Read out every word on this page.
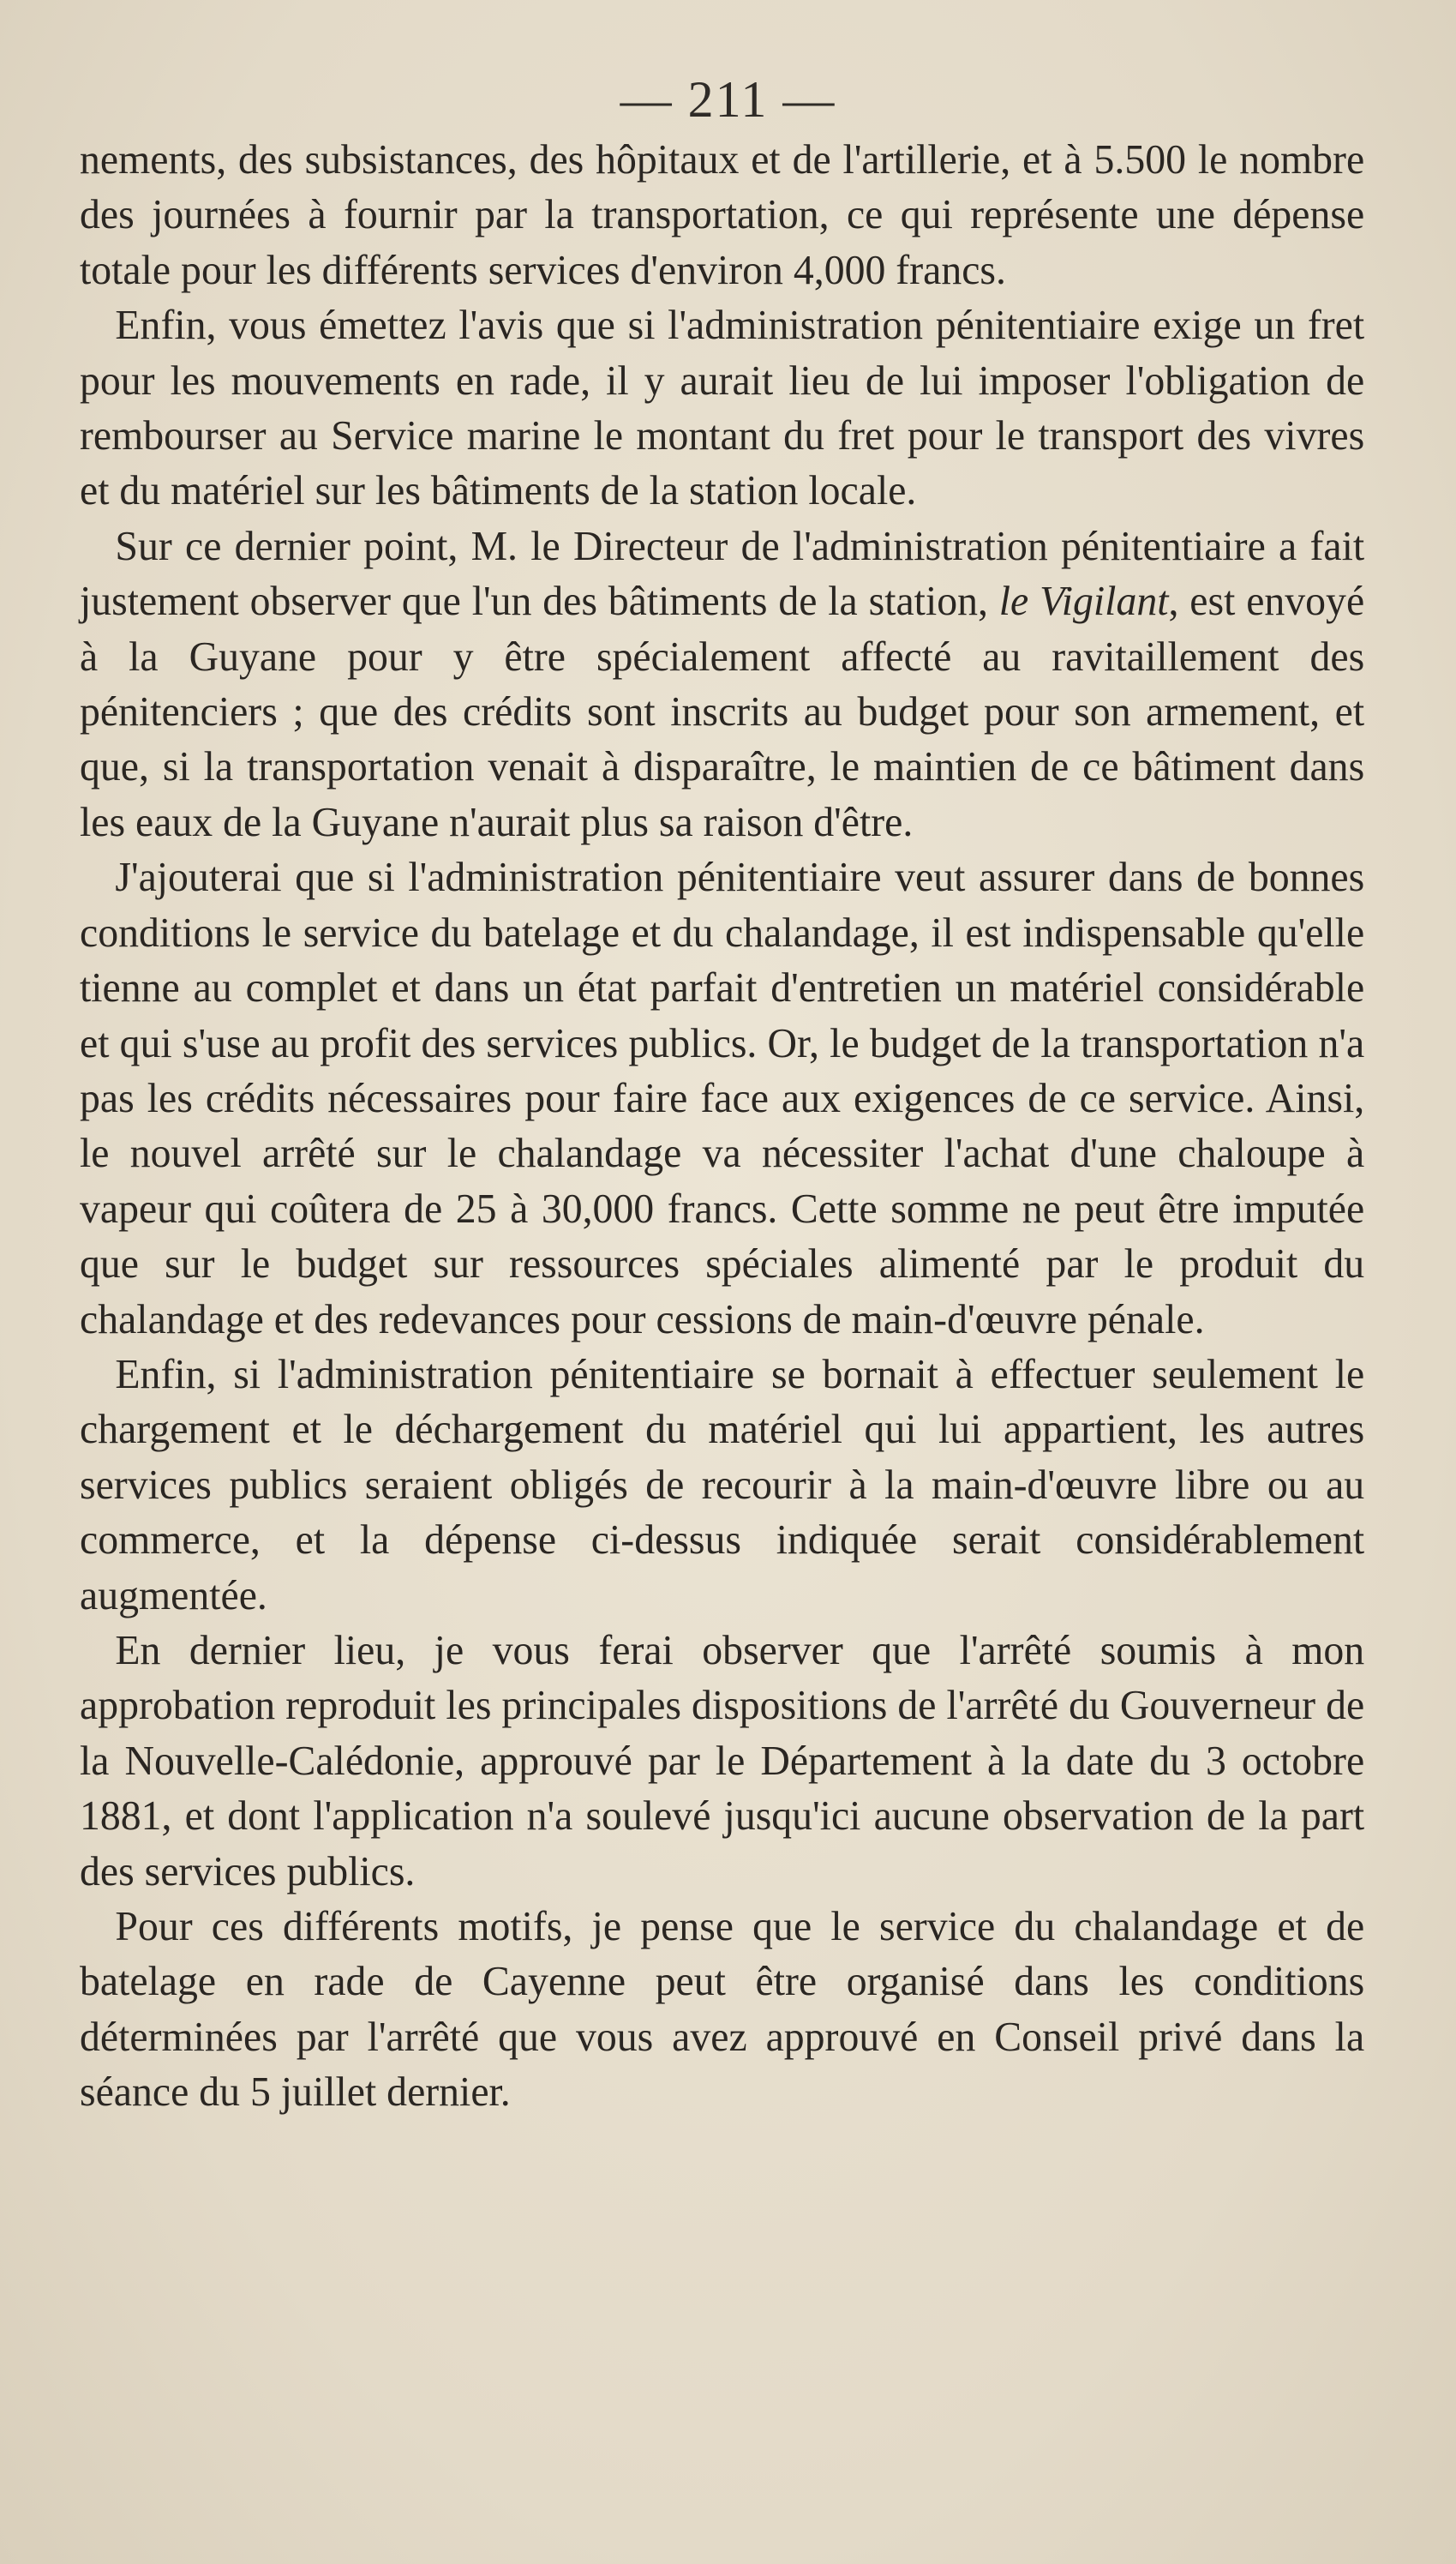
— 211 —

nements, des subsistances, des hôpitaux et de l'artillerie, et à 5.500 le nombre des journées à fournir par la transportation, ce qui représente une dépense totale pour les différents services d'environ 4,000 francs.

Enfin, vous émettez l'avis que si l'administration pénitentiaire exige un fret pour les mouvements en rade, il y aurait lieu de lui imposer l'obligation de rembourser au Service marine le montant du fret pour le transport des vivres et du matériel sur les bâtiments de la station locale.

Sur ce dernier point, M. le Directeur de l'administration pénitentiaire a fait justement observer que l'un des bâtiments de la station, le Vigilant, est envoyé à la Guyane pour y être spécialement affecté au ravitaillement des pénitenciers ; que des crédits sont inscrits au budget pour son armement, et que, si la transportation venait à disparaître, le maintien de ce bâtiment dans les eaux de la Guyane n'aurait plus sa raison d'être.

J'ajouterai que si l'administration pénitentiaire veut assurer dans de bonnes conditions le service du batelage et du chalandage, il est indispensable qu'elle tienne au complet et dans un état parfait d'entretien un matériel considérable et qui s'use au profit des services publics. Or, le budget de la transportation n'a pas les crédits nécessaires pour faire face aux exigences de ce service. Ainsi, le nouvel arrêté sur le chalandage va nécessiter l'achat d'une chaloupe à vapeur qui coûtera de 25 à 30,000 francs. Cette somme ne peut être imputée que sur le budget sur ressources spéciales alimenté par le produit du chalandage et des redevances pour cessions de main-d'œuvre pénale.

Enfin, si l'administration pénitentiaire se bornait à effectuer seulement le chargement et le déchargement du matériel qui lui appartient, les autres services publics seraient obligés de recourir à la main-d'œuvre libre ou au commerce, et la dépense ci-dessus indiquée serait considérablement augmentée.

En dernier lieu, je vous ferai observer que l'arrêté soumis à mon approbation reproduit les principales dispositions de l'arrêté du Gouverneur de la Nouvelle-Calédonie, approuvé par le Département à la date du 3 octobre 1881, et dont l'application n'a soulevé jusqu'ici aucune observation de la part des services publics.

Pour ces différents motifs, je pense que le service du chalandage et de batelage en rade de Cayenne peut être organisé dans les conditions déterminées par l'arrêté que vous avez approuvé en Conseil privé dans la séance du 5 juillet dernier.
